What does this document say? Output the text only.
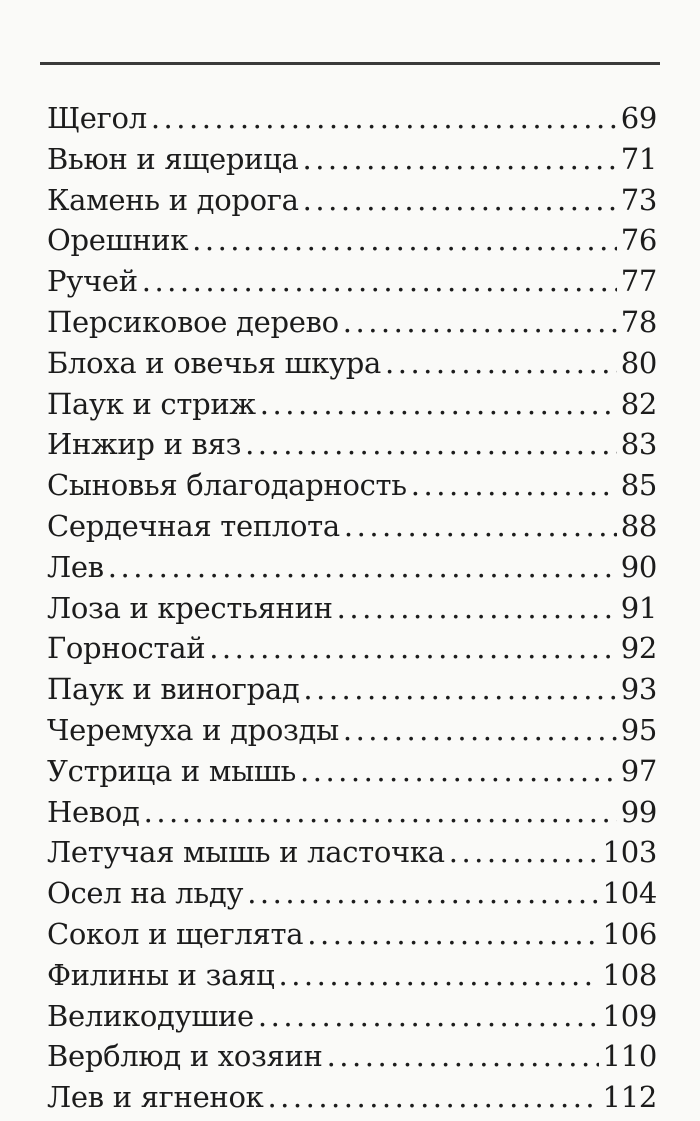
Щегол .....	69
Вьюн и ящерица .....	71
Камень и дорога .....	73
Орешник .....	76
Ручей .....	77
Персиковое дерево .....	78
Блоха и овечья шкура .....	80
Паук и стриж .....	82
Инжир и вяз .....	83
Сыновья благодарность .....	85
Сердечная теплота .....	88
Лев .....	90
Лоза и крестьянин .....	91
Горностай .....	92
Паук и виноград .....	93
Черемуха и дрозды .....	95
Устрица и мышь .....	97
Невод .....	99
Летучая мышь и ласточка .....	103
Осел на льду .....	104
Сокол и щеглята .....	106
Филины и заяц .....	108
Великодушие .....	109
Верблюд и хозяин .....	110
Лев и ягненок .....	112
